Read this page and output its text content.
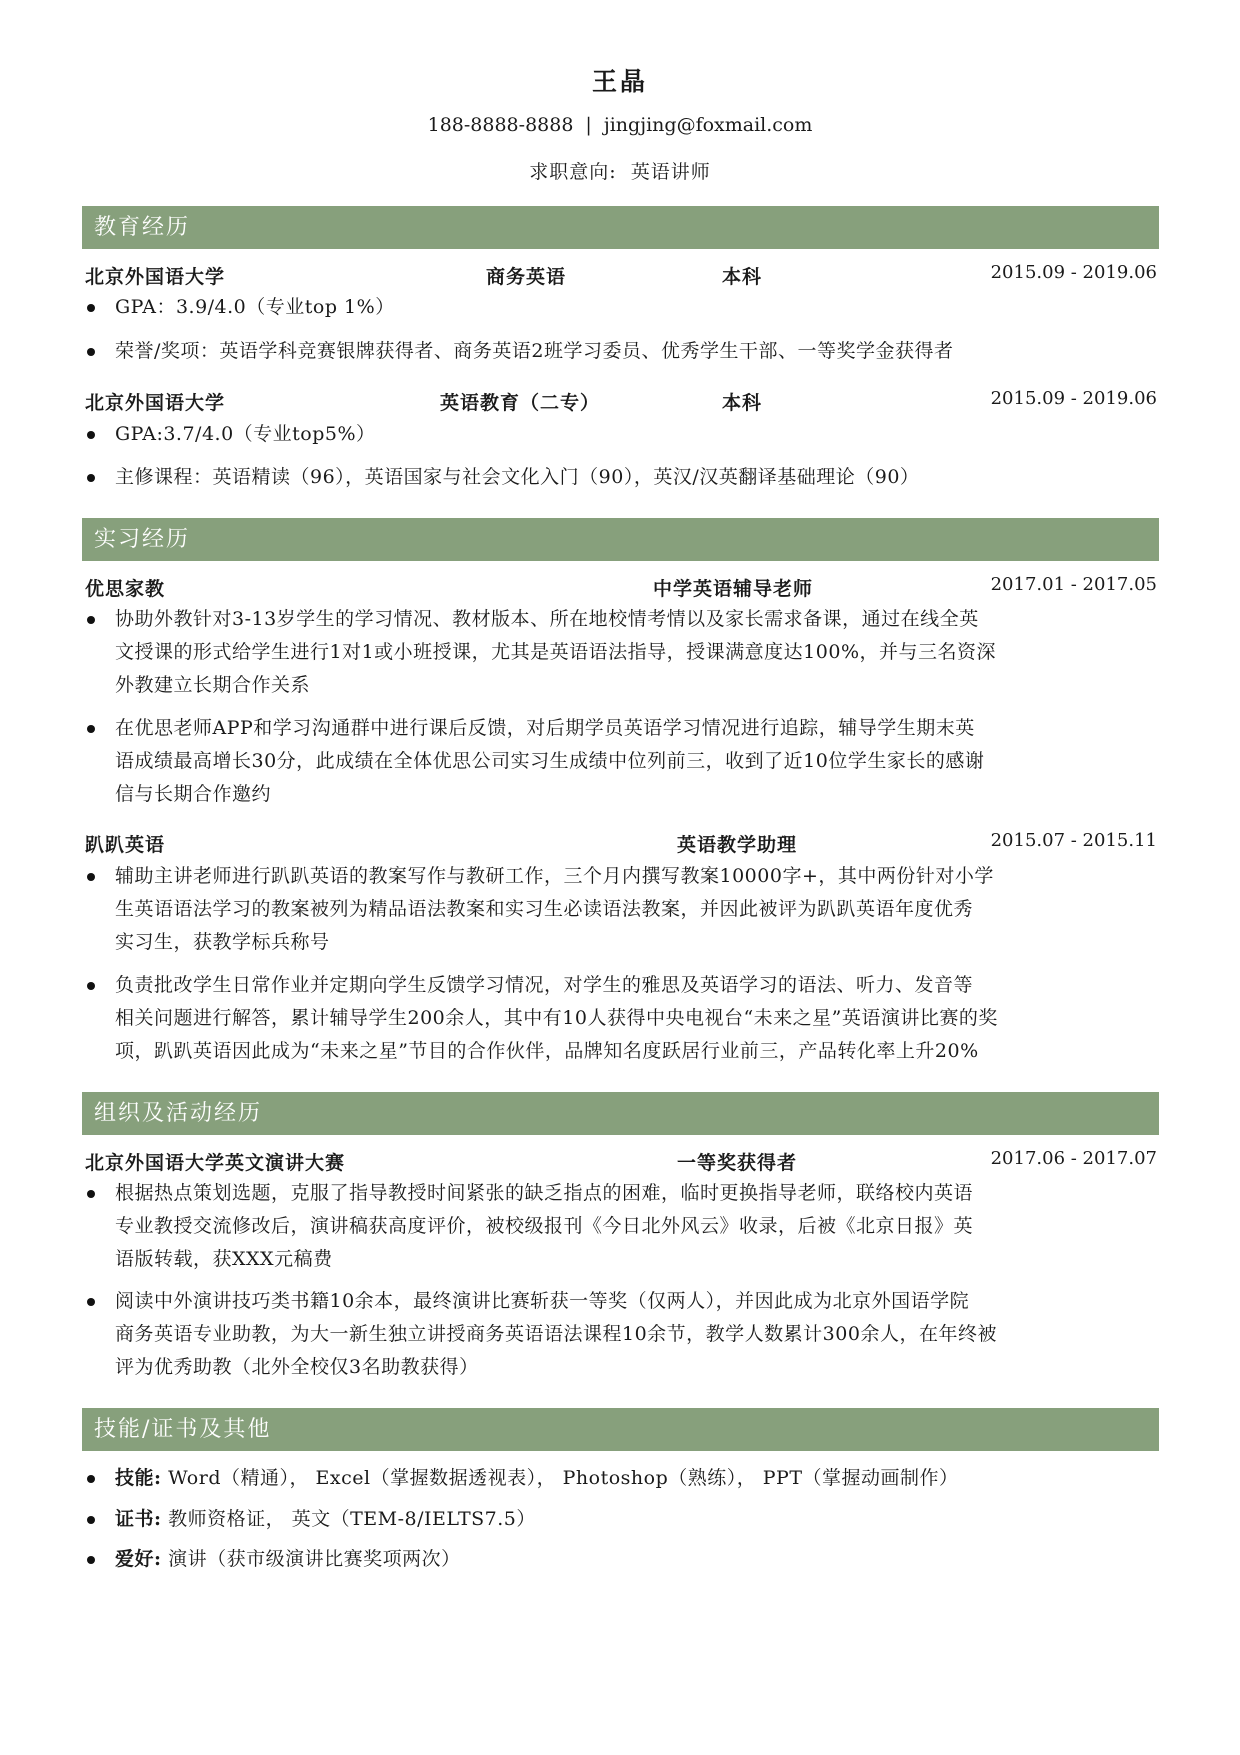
王晶
188-8888-8888 | jingjing@foxmail.com
求职意向: 英语讲师
教育经历
北京外国语大学	商务英语	本科	2015.09 - 2019.06
GPA：3.9/4.0（专业top 1%）
荣誉/奖项：英语学科竞赛银牌获得者、商务英语2班学习委员、优秀学生干部、一等奖学金获得者
北京外国语大学	英语教育（二专）	本科	2015.09 - 2019.06
GPA:3.7/4.0（专业top5%）
主修课程：英语精读（96），英语国家与社会文化入门（90），英汉/汉英翻译基础理论（90）
实习经历
优思家教	中学英语辅导老师	2017.01 - 2017.05
协助外教针对3-13岁学生的学习情况、教材版本、所在地校情考情以及家长需求备课，通过在线全英
文授课的形式给学生进行1对1或小班授课，尤其是英语语法指导，授课满意度达100%，并与三名资深
外教建立长期合作关系
在优思老师APP和学习沟通群中进行课后反馈，对后期学员英语学习情况进行追踪，辅导学生期末英
语成绩最高增长30分，此成绩在全体优思公司实习生成绩中位列前三，收到了近10位学生家长的感谢
信与长期合作邀约
趴趴英语	英语教学助理	2015.07 - 2015.11
辅助主讲老师进行趴趴英语的教案写作与教研工作，三个月内撰写教案10000字+，其中两份针对小学
生英语语法学习的教案被列为精品语法教案和实习生必读语法教案，并因此被评为趴趴英语年度优秀
实习生，获教学标兵称号
负责批改学生日常作业并定期向学生反馈学习情况，对学生的雅思及英语学习的语法、听力、发音等
相关问题进行解答，累计辅导学生200余人，其中有10人获得中央电视台“未来之星”英语演讲比赛的奖
项，趴趴英语因此成为“未来之星”节目的合作伙伴，品牌知名度跃居行业前三，产品转化率上升20%
组织及活动经历
北京外国语大学英文演讲大赛	一等奖获得者	2017.06 - 2017.07
根据热点策划选题，克服了指导教授时间紧张的缺乏指点的困难，临时更换指导老师，联络校内英语
专业教授交流修改后，演讲稿获高度评价，被校级报刊《今日北外风云》收录，后被《北京日报》英
语版转载，获XXX元稿费
阅读中外演讲技巧类书籍10余本，最终演讲比赛斩获一等奖（仅两人），并因此成为北京外国语学院
商务英语专业助教，为大一新生独立讲授商务英语语法课程10余节，教学人数累计300余人，在年终被
评为优秀助教（北外全校仅3名助教获得）
技能/证书及其他
技能: Word（精通）， Excel（掌握数据透视表）， Photoshop（熟练）， PPT（掌握动画制作）
证书: 教师资格证， 英文（TEM-8/IELTS7.5）
爱好: 演讲（获市级演讲比赛奖项两次）
